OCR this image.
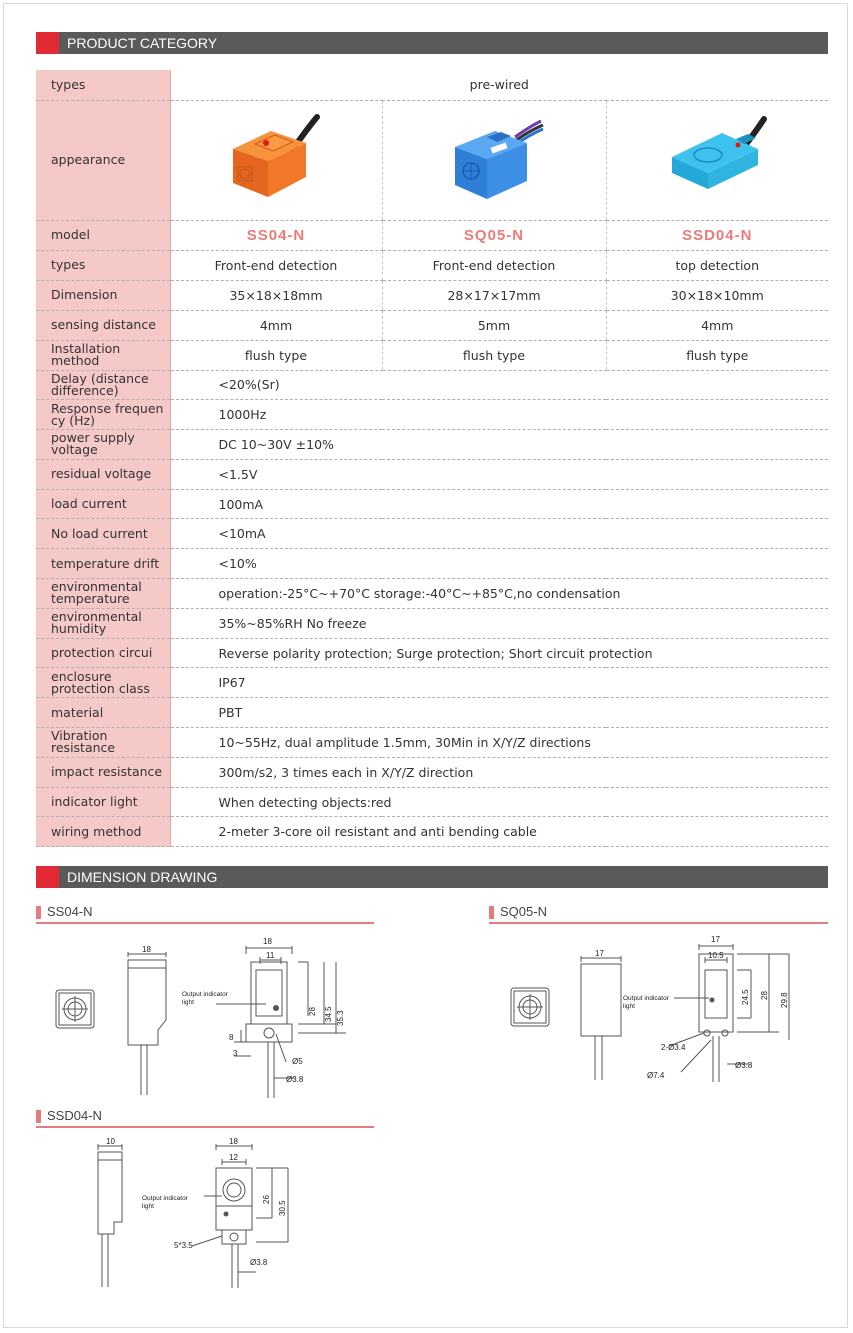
PRODUCT CATEGORY
types	pre-wired		
appearance			
model	SS04-N	SQ05-N	SSD04-N
types	Front-end detection	Front-end detection	top detection
Dimension	35×18×18mm	28×17×17mm	30×18×10mm
sensing distance	4mm	5mm	4mm

Installation
method	flush type	flush type	flush type

Delay (distance
difference)	<20%(Sr)		

Response frequen
cy (Hz)	1000Hz		

power supply voltage	DC 10~30V ±10%		

residual voltage	<1.5V		

load current	100mA		

No load current	<10mA		

temperature drift	<10%		

environmental
temperature	operation:-25°C~+70°C storage:-40°C~+85°C,no condensation		

environmental
humidity	35%~85%RH No freeze		

protection circui	Reverse polarity protection; Surge protection; Short circuit protection		

enclosure
protection class	IP67		

material	PBT		

Vibration resistance	10~55Hz, dual amplitude 1.5mm, 30Min in X/Y/Z directions		

impact resistance	300m/s2, 3 times each in X/Y/Z direction		

indicator light	When detecting objects:red		

wiring method	2-meter 3-core oil resistant and anti bending cable		
DIMENSION DRAWING
SS04-N
18
18
11
28 34.5 35.3
8
3
Ø5
Ø3.8
Output indicator
light
SQ05-N
17
17
10.5
24.5 28 29.8
2-Ø3.4
Ø7.4
Ø3.8
Output indicator
light
SSD04-N
10	18
12
26
30.5
5*3.5
Ø3.8
Output indicator
light
